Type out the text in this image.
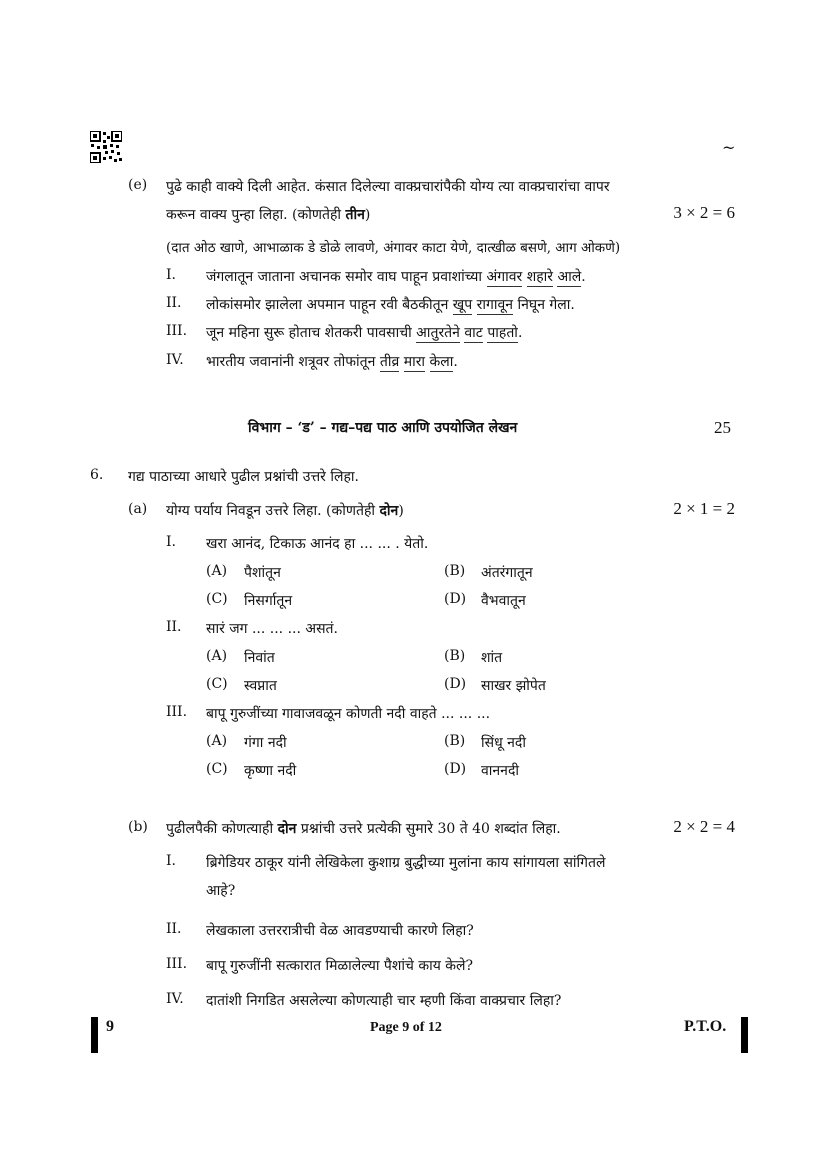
~
(e) पुढे काही वाक्ये दिली आहेत. कंसात दिलेल्या वाक्प्रचारांपैकी योग्य त्या वाक्प्रचारांचा वापर
करून वाक्य पुन्हा लिहा. (कोणतेही तीन)	3 × 2 = 6
(दात ओठ खाणे, आभाळाक डे डोळे लावणे, अंगावर काटा येणे, दात्खीळ बसणे, आग ओकणे)
I. जंगलातून जाताना अचानक समोर वाघ पाहून प्रवाशांच्या अंगावर शहारे आले.
II. लोकांसमोर झालेला अपमान पाहून रवी बैठकीतून खूप रागावून निघून गेला.
III. जून महिना सुरू होताच शेतकरी पावसाची आतुरतेने वाट पाहतो.
IV. भारतीय जवानांनी शत्रूवर तोफांतून तीव्र मारा केला.
विभाग – ‘ड’ – गद्य–पद्य पाठ आणि उपयोजित लेखन	25
6. गद्य पाठाच्या आधारे पुढील प्रश्नांची उत्तरे लिहा.
(a) योग्य पर्याय निवडून उत्तरे लिहा. (कोणतेही दोन)	2 × 1 = 2
I. खरा आनंद, टिकाऊ आनंद हा ... ... . येतो.
(A) पैशांतून	(B) अंतरंगातून
(C) निसर्गातून	(D) वैभवातून
II. सारं जग ... ... ... असतं.
(A) निवांत	(B) शांत
(C) स्वप्नात	(D) साखर झोपेत
III. बापू गुरुजींच्या गावाजवळून कोणती नदी वाहते ... ... ...
(A) गंगा नदी	(B) सिंधू नदी
(C) कृष्णा नदी	(D) वाननदी
(b) पुढीलपैकी कोणत्याही दोन प्रश्नांची उत्तरे प्रत्येकी सुमारे 30 ते 40 शब्दांत लिहा.	2 × 2 = 4
I. ब्रिगेडियर ठाकूर यांनी लेखिकेला कुशाग्र बुद्धीच्या मुलांना काय सांगायला सांगितले
आहे?
II. लेखकाला उत्तररात्रीची वेळ आवडण्याची कारणे लिहा?
III. बापू गुरुजींनी सत्कारात मिळालेल्या पैशांचे काय केले?
IV. दातांशी निगडित असलेल्या कोणत्याही चार म्हणी किंवा वाक्प्रचार लिहा?
9	Page 9 of 12	P.T.O.
